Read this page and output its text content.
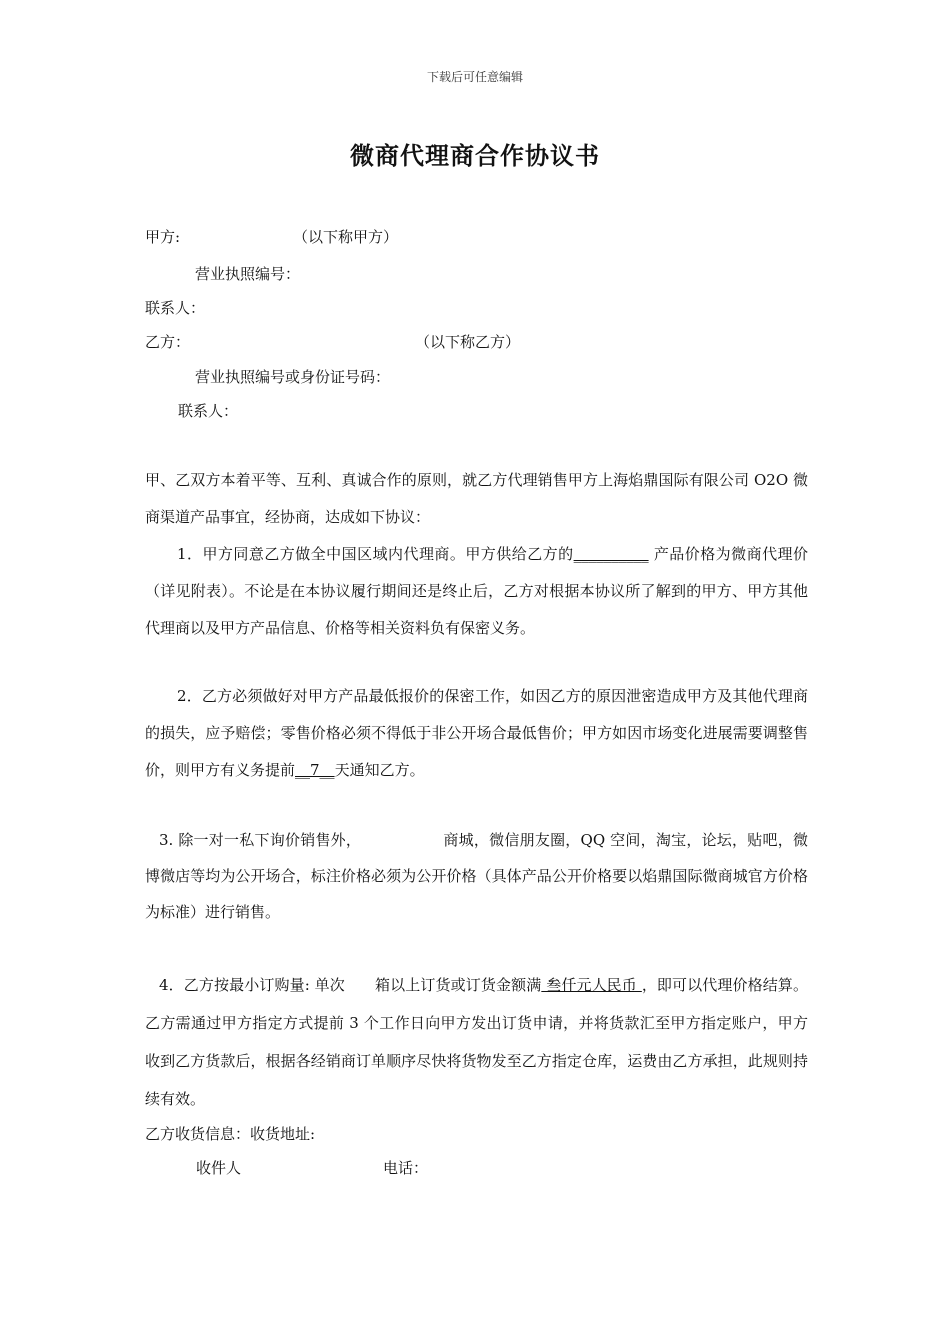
下载后可任意编辑
微商代理商合作协议书
甲方:	（以下称甲方）
营业执照编号：
联系人：
乙方：	（以下称乙方）
营业执照编号或身份证号码：
联系人：
甲、乙双方本着平等、互利、真诚合作的原则，就乙方代理销售甲方上海焰鼎国际有限公司 O2O 微商渠道产品事宜，经协商，达成如下协议：
1．甲方同意乙方做全中国区域内代理商。甲方供给乙方的__________ 产品价格为微商代理价（详见附表）。不论是在本协议履行期间还是终止后，乙方对根据本协议所了解到的甲方、甲方其他代理商以及甲方产品信息、价格等相关资料负有保密义务。
2．乙方必须做好对甲方产品最低报价的保密工作，如因乙方的原因泄密造成甲方及其他代理商的损失，应予赔偿；零售价格必须不得低于非公开场合最低售价；甲方如因市场变化进展需要调整售价，则甲方有义务提前__7__天通知乙方。
3. 除一对一私下询价销售外，	商城，微信朋友圈，QQ 空间，淘宝，论坛，贴吧，微博微店等均为公开场合，标注价格必须为公开价格（具体产品公开价格要以焰鼎国际微商城官方价格为标准）进行销售。
4．乙方按最小订购量: 单次 箱以上订货或订货金额满 叁仟元人民币 ，即可以代理价格结算。乙方需通过甲方指定方式提前 3 个工作日向甲方发出订货申请，并将货款汇至甲方指定账户，甲方收到乙方货款后，根据各经销商订单顺序尽快将货物发至乙方指定仓库，运费由乙方承担，此规则持续有效。
乙方收货信息：收货地址:
收件人	电话：
